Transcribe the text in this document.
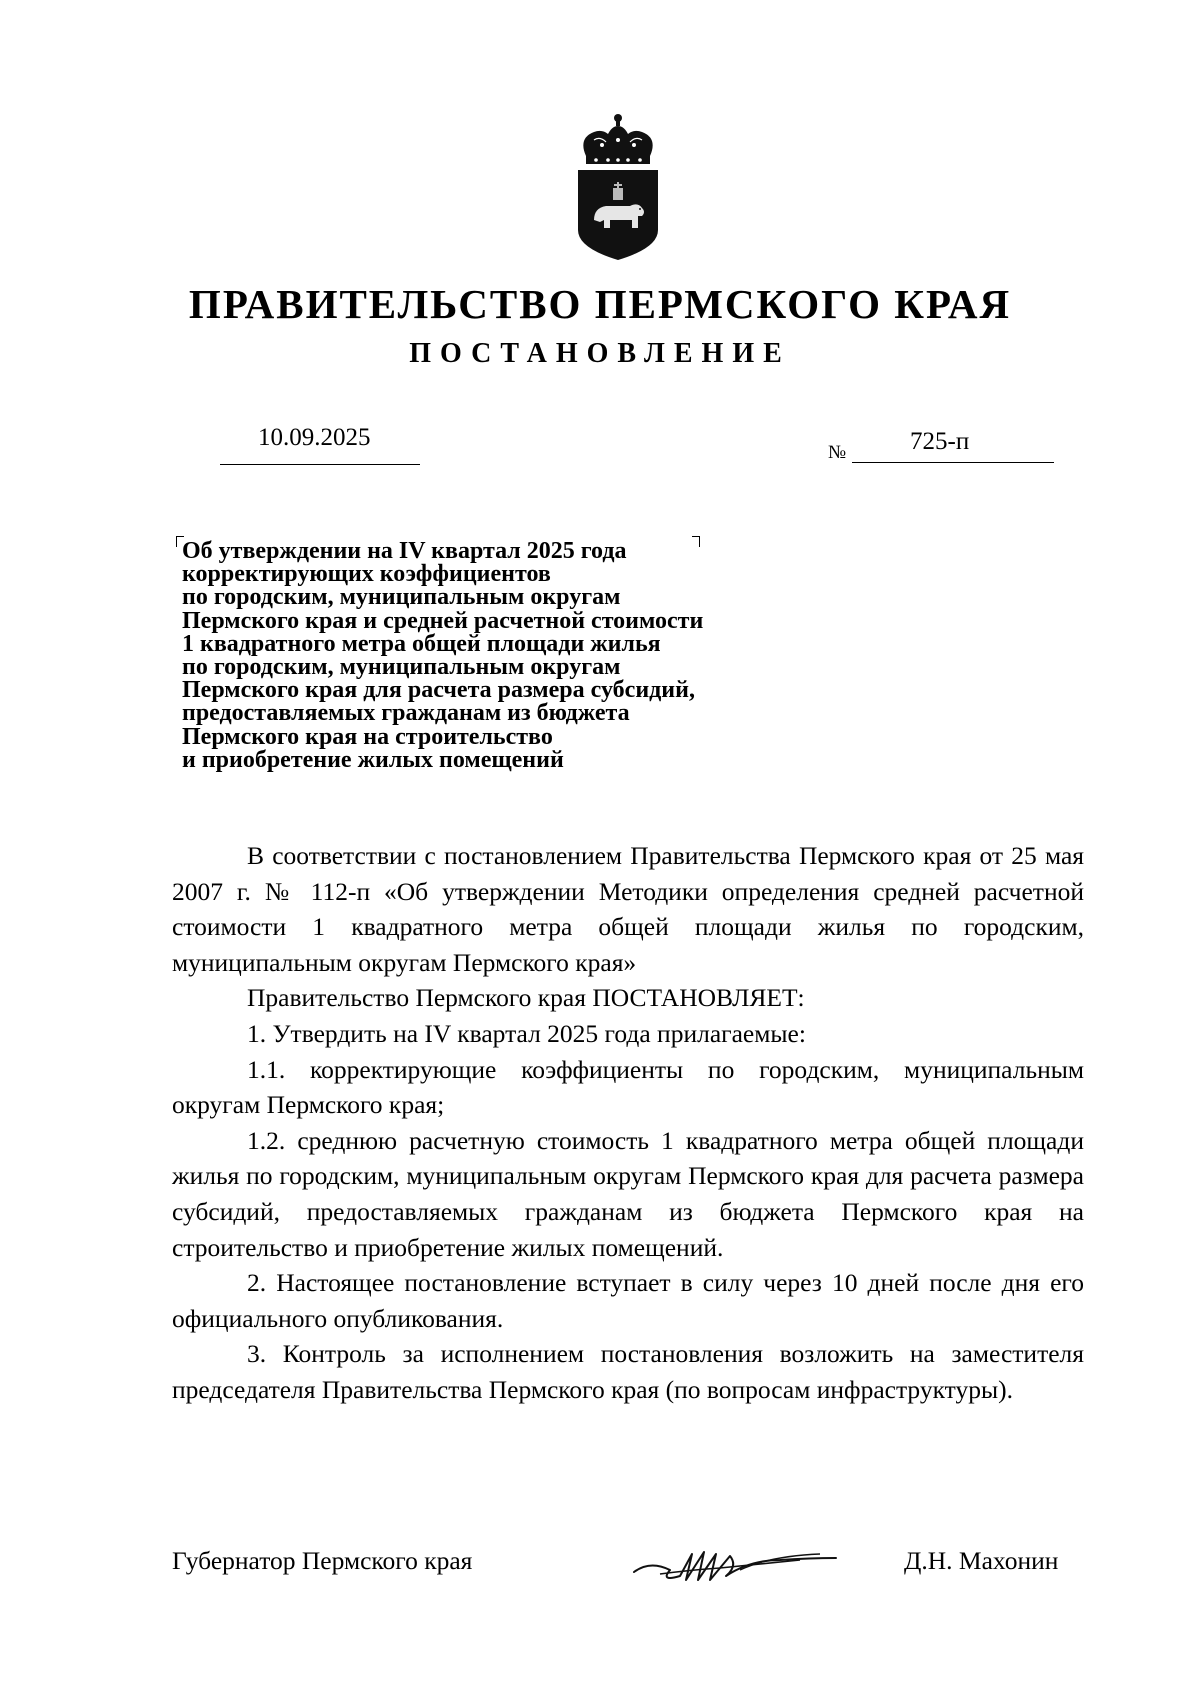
ПРАВИТЕЛЬСТВО ПЕРМСКОГО КРАЯ
ПОСТАНОВЛЕНИЕ
10.09.2025
№	725-п
Об утверждении на IV квартал 2025 года
корректирующих коэффициентов
по городским, муниципальным округам
Пермского края и средней расчетной стоимости
1 квадратного метра общей площади жилья
по городским, муниципальным округам
Пермского края для расчета размера субсидий,
предоставляемых гражданам из бюджета
Пермского края на строительство
и приобретение жилых помещений

В соответствии с постановлением Правительства Пермского края от 25 мая 2007 г. № 112-п «Об утверждении Методики определения средней расчетной стоимости 1 квадратного метра общей площади жилья по городским, муниципальным округам Пермского края»

Правительство Пермского края ПОСТАНОВЛЯЕТ:

1. Утвердить на IV квартал 2025 года прилагаемые:

1.1. корректирующие коэффициенты по городским, муниципальным округам Пермского края;

1.2. среднюю расчетную стоимость 1 квадратного метра общей площади жилья по городским, муниципальным округам Пермского края для расчета размера субсидий, предоставляемых гражданам из бюджета Пермского края на строительство и приобретение жилых помещений.

2. Настоящее постановление вступает в силу через 10 дней после дня его официального опубликования.

3. Контроль за исполнением постановления возложить на заместителя председателя Правительства Пермского края (по вопросам инфраструктуры).

Губернатор Пермского края	Д.Н. Махонин
